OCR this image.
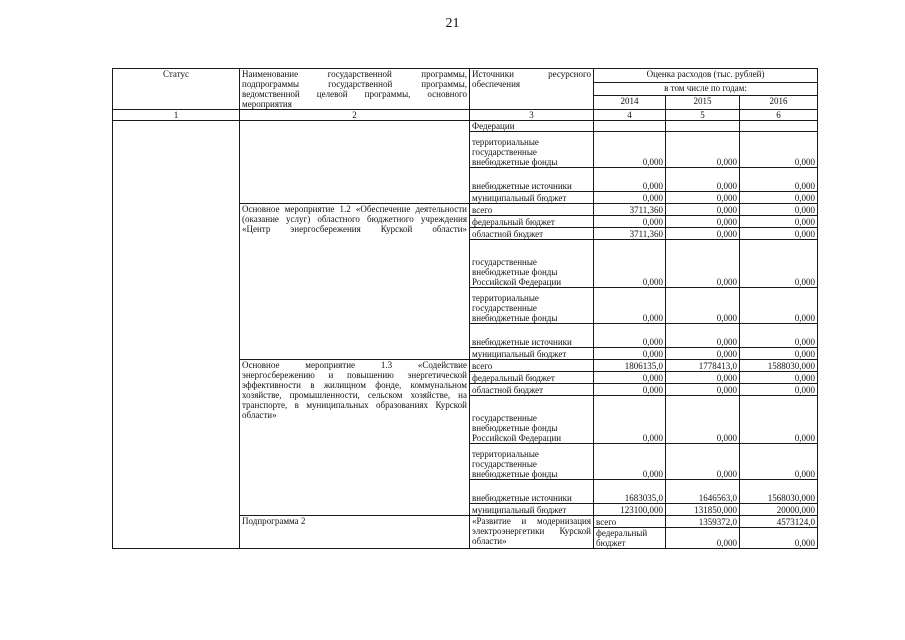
21
Статус	Наименование государственной программы, подпрограммы государственной программы, ведомственной целевой программы, основного мероприятия	Источники ресурсного обеспечения	Оценка расходов (тыс. рублей)			
			в том числе по годам:			
			2014	2015	2016	
1	2	3	4	5	6	
		Федерации				
		территориальные государственные внебюджетные фонды	0,000	0,000	0,000	
		внебюджетные источники	0,000	0,000	0,000	
		муниципальный бюджет	0,000	0,000	0,000	
	Основное мероприятие 1.2 «Обеспечение деятельности (оказание услуг) областного бюджетного учреждения «Центр энергосбережения Курской области»	всего	3711,360	0,000	0,000	
		федеральный бюджет	0,000	0,000	0,000	
		областной бюджет	3711,360	0,000	0,000	
		государственные внебюджетные фонды Российской Федерации	0,000	0,000	0,000	
		территориальные государственные внебюджетные фонды	0,000	0,000	0,000	
		внебюджетные источники	0,000	0,000	0,000	
		муниципальный бюджет	0,000	0,000	0,000	
	Основное мероприятие 1.3 «Содействие энергосбережению и повышению энергетической эффективности в жилищном фонде, коммунальном хозяйстве, промышленности, сельском хозяйстве, на транспорте, в муниципальных образованиях Курской области»	всего	1806135,0	1778413,0	1588030,000	
		федеральный бюджет	0,000	0,000	0,000	
		областной бюджет	0,000	0,000	0,000	
		государственные внебюджетные фонды Российской Федерации	0,000	0,000	0,000	
		территориальные государственные внебюджетные фонды	0,000	0,000	0,000	
		внебюджетные источники	1683035,0	1646563,0	1568030,000	
		муниципальный бюджет	123100,000	131850,000	20000,000	
	Подпрограмма 2	«Развитие и модернизация электроэнергетики Курской области»	всего	1359372,0	4573124,0	
			федеральный бюджет	0,000	0,000	
